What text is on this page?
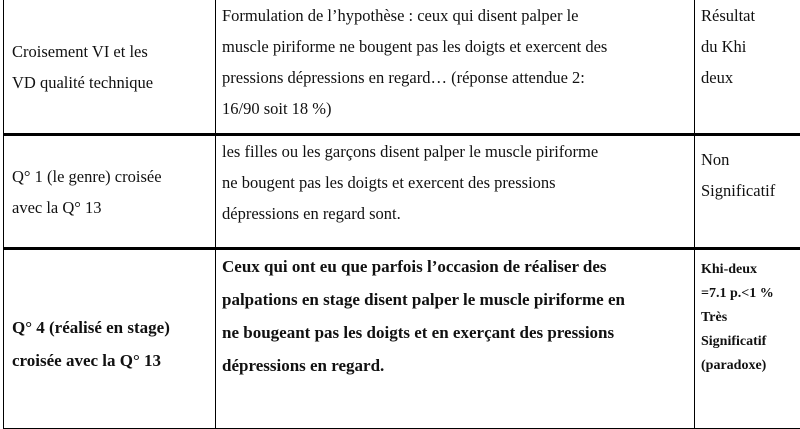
Croisement VI et les
VD qualité technique	Formulation de l’hypothèse : ceux qui disent palper le
muscle piriforme ne bougent pas les doigts et exercent des
pressions dépressions en regard… (réponse attendue 2:
16/90 soit 18 %)	Résultat
du Khi
deux

Q° 1 (le genre) croisée
avec la Q° 13	les filles ou les garçons disent palper le muscle piriforme
ne bougent pas les doigts et exercent des pressions
dépressions en regard sont.	Non
Significatif

Q° 4 (réalisé en stage)
croisée avec la Q° 13	Ceux qui ont eu que parfois l’occasion de réaliser des
palpations en stage disent palper le muscle piriforme en
ne bougeant pas les doigts et en exerçant des pressions
dépressions en regard.	Khi-deux
=7.1 p.<1 %
Très
Significatif
(paradoxe)
